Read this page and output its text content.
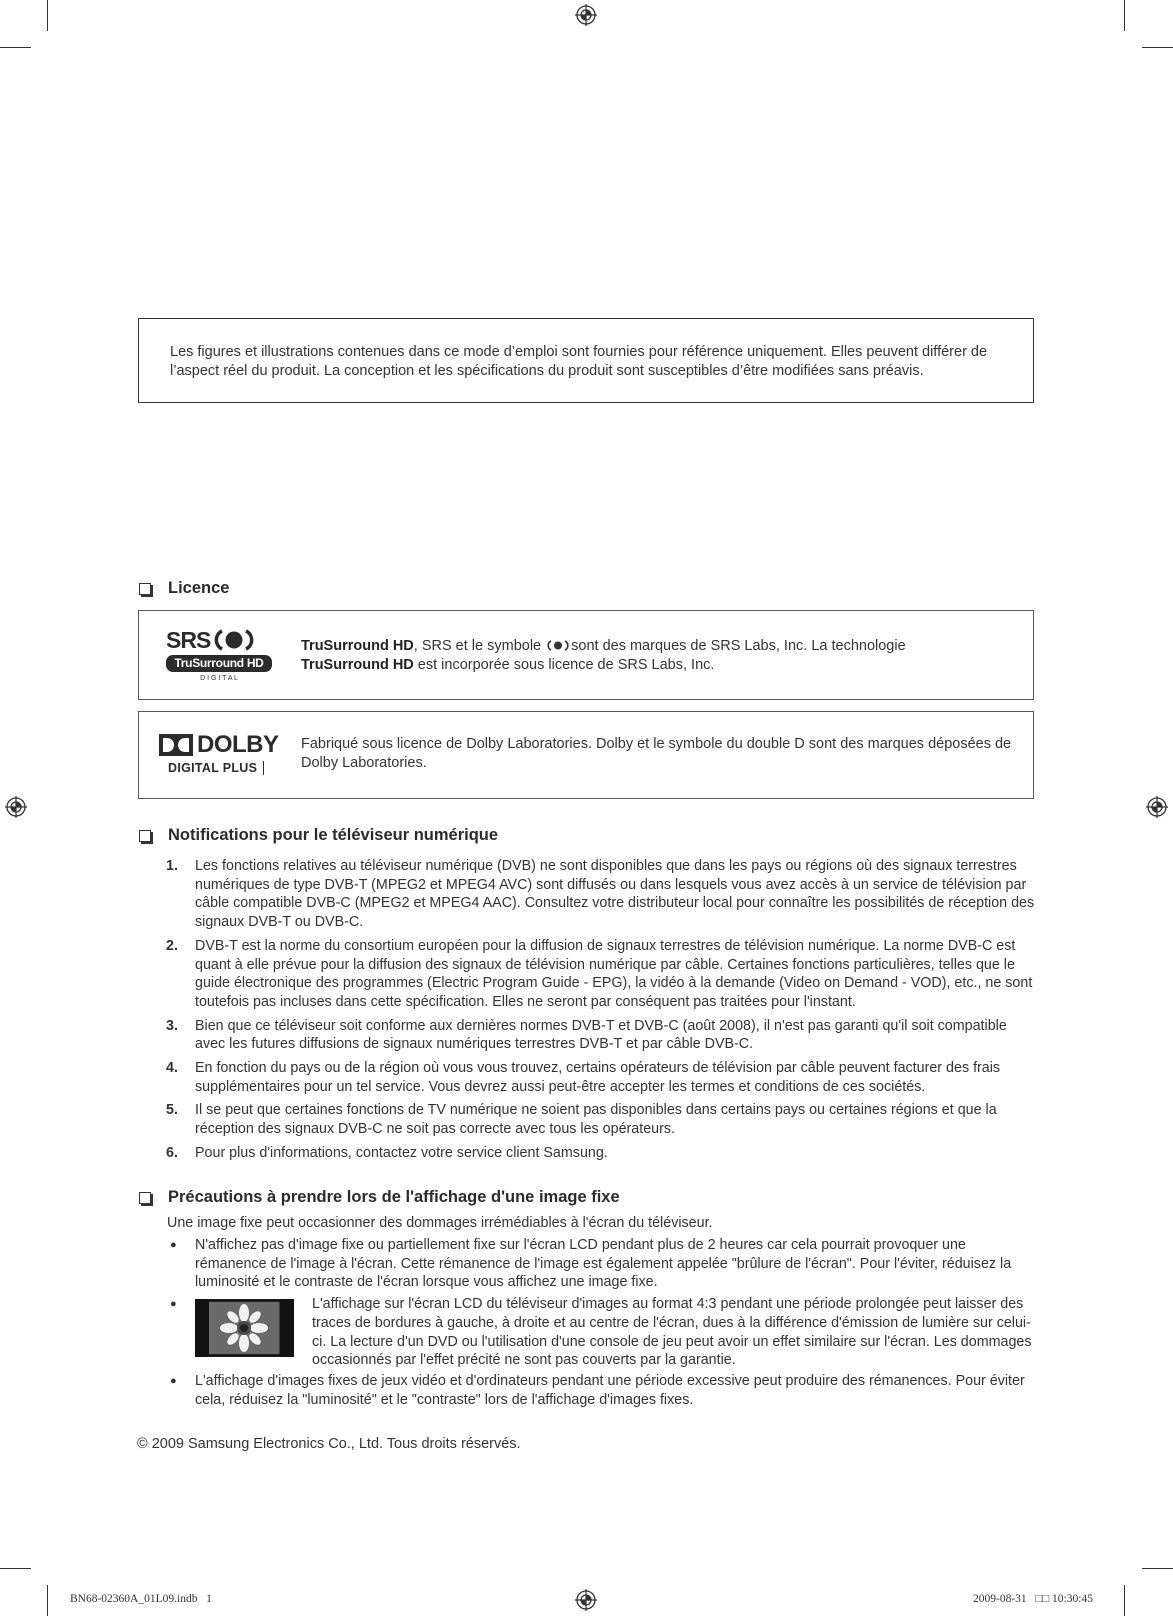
Les figures et illustrations contenues dans ce mode d’emploi sont fournies pour référence uniquement. Elles peuvent différer de l’aspect réel du produit. La conception et les spécifications du produit sont susceptibles d’être modifiées sans préavis.
Licence
SRS
TruSurround HD
D I G I T A L
TruSurround HD, SRS et le symbole sont des marques de SRS Labs, Inc. La technologie
TruSurround HD est incorporée sous licence de SRS Labs, Inc.
DOLBY
DIGITAL PLUS
Fabriqué sous licence de Dolby Laboratories. Dolby et le symbole du double D sont des marques déposées de Dolby Laboratories.
Notifications pour le téléviseur numérique
1.	Les fonctions relatives au téléviseur numérique (DVB) ne sont disponibles que dans les pays ou régions où des signaux terrestres numériques de type DVB-T (MPEG2 et MPEG4 AVC) sont diffusés ou dans lesquels vous avez accès à un service de télévision par câble compatible DVB-C (MPEG2 et MPEG4 AAC). Consultez votre distributeur local pour connaître les possibilités de réception des signaux DVB-T ou DVB-C.
2.	DVB-T est la norme du consortium européen pour la diffusion de signaux terrestres de télévision numérique. La norme DVB-C est quant à elle prévue pour la diffusion des signaux de télévision numérique par câble. Certaines fonctions particulières, telles que le guide électronique des programmes (Electric Program Guide - EPG), la vidéo à la demande (Video on Demand - VOD), etc., ne sont toutefois pas incluses dans cette spécification. Elles ne seront par conséquent pas traitées pour l'instant.
3.	Bien que ce téléviseur soit conforme aux dernières normes DVB-T et DVB-C (août 2008), il n'est pas garanti qu'il soit compatible avec les futures diffusions de signaux numériques terrestres DVB-T et par câble DVB-C.
4.	En fonction du pays ou de la région où vous vous trouvez, certains opérateurs de télévision par câble peuvent facturer des frais supplémentaires pour un tel service. Vous devrez aussi peut-être accepter les termes et conditions de ces sociétés.
5.	Il se peut que certaines fonctions de TV numérique ne soient pas disponibles dans certains pays ou certaines régions et que la réception des signaux DVB-C ne soit pas correcte avec tous les opérateurs.
6.	Pour plus d'informations, contactez votre service client Samsung.
Précautions à prendre lors de l'affichage d'une image fixe
Une image fixe peut occasionner des dommages irrémédiables à l'écran du téléviseur.
●	N'affichez pas d'image fixe ou partiellement fixe sur l'écran LCD pendant plus de 2 heures car cela pourrait provoquer une rémanence de l'image à l'écran. Cette rémanence de l'image est également appelée "brûlure de l'écran". Pour l'éviter, réduisez la luminosité et le contraste de l'écran lorsque vous affichez une image fixe.
●	L'affichage sur l'écran LCD du téléviseur d'images au format 4:3 pendant une période prolongée peut laisser des traces de bordures à gauche, à droite et au centre de l'écran, dues à la différence d'émission de lumière sur celui-ci. La lecture d'un DVD ou l'utilisation d'une console de jeu peut avoir un effet similaire sur l'écran. Les dommages occasionnés par l'effet précité ne sont pas couverts par la garantie.
●	L'affichage d'images fixes de jeux vidéo et d'ordinateurs pendant une période excessive peut produire des rémanences. Pour éviter cela, réduisez la "luminosité" et le "contraste" lors de l'affichage d'images fixes.
© 2009 Samsung Electronics Co., Ltd. Tous droits réservés.
BN68-02360A_01L09.indb   1	2009-08-31   □□ 10:30:45
